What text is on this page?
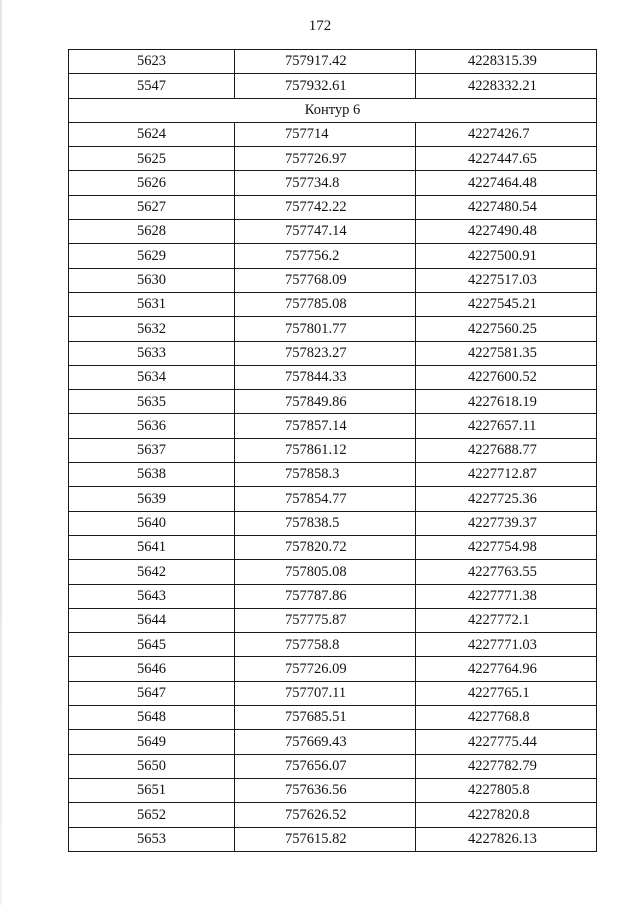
172
5623	757917.42	4228315.39
5547	757932.61	4228332.21
Контур 6		
5624	757714	4227426.7
5625	757726.97	4227447.65
5626	757734.8	4227464.48
5627	757742.22	4227480.54
5628	757747.14	4227490.48
5629	757756.2	4227500.91
5630	757768.09	4227517.03
5631	757785.08	4227545.21
5632	757801.77	4227560.25
5633	757823.27	4227581.35
5634	757844.33	4227600.52
5635	757849.86	4227618.19
5636	757857.14	4227657.11
5637	757861.12	4227688.77
5638	757858.3	4227712.87
5639	757854.77	4227725.36
5640	757838.5	4227739.37
5641	757820.72	4227754.98
5642	757805.08	4227763.55
5643	757787.86	4227771.38
5644	757775.87	4227772.1
5645	757758.8	4227771.03
5646	757726.09	4227764.96
5647	757707.11	4227765.1
5648	757685.51	4227768.8
5649	757669.43	4227775.44
5650	757656.07	4227782.79
5651	757636.56	4227805.8
5652	757626.52	4227820.8
5653	757615.82	4227826.13
